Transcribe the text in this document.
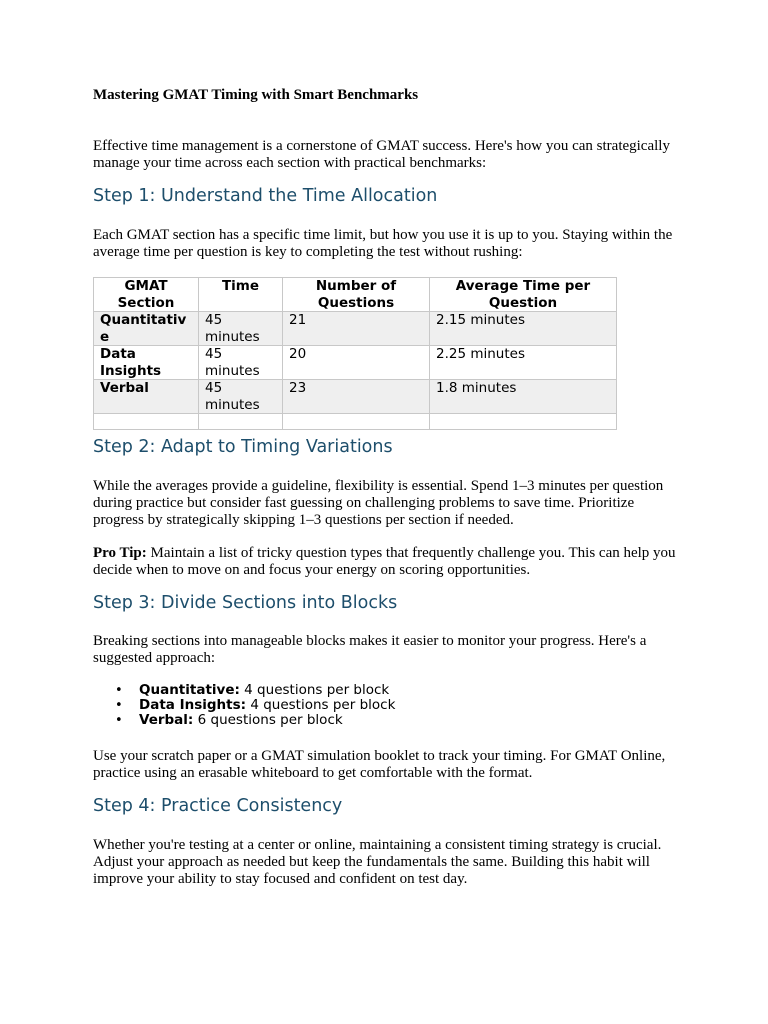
Mastering GMAT Timing with Smart Benchmarks

Effective time management is a cornerstone of GMAT success. Here's how you can strategically manage your time across each section with practical benchmarks:

Step 1: Understand the Time Allocation

Each GMAT section has a specific time limit, but how you use it is up to you. Staying within the average time per question is key to completing the test without rushing:

GMAT Section	Time	Number of Questions	Average Time per Question
Quantitative	45 minutes	21	2.15 minutes
Data Insights	45 minutes	20	2.25 minutes
Verbal	45 minutes	23	1.8 minutes

Step 2: Adapt to Timing Variations

While the averages provide a guideline, flexibility is essential. Spend 1–3 minutes per question during practice but consider fast guessing on challenging problems to save time. Prioritize progress by strategically skipping 1–3 questions per section if needed.

Pro Tip: Maintain a list of tricky question types that frequently challenge you. This can help you decide when to move on and focus your energy on scoring opportunities.

Step 3: Divide Sections into Blocks

Breaking sections into manageable blocks makes it easier to monitor your progress. Here's a suggested approach:

• Quantitative: 4 questions per block
• Data Insights: 4 questions per block
• Verbal: 6 questions per block

Use your scratch paper or a GMAT simulation booklet to track your timing. For GMAT Online, practice using an erasable whiteboard to get comfortable with the format.

Step 4: Practice Consistency

Whether you're testing at a center or online, maintaining a consistent timing strategy is crucial. Adjust your approach as needed but keep the fundamentals the same. Building this habit will improve your ability to stay focused and confident on test day.
